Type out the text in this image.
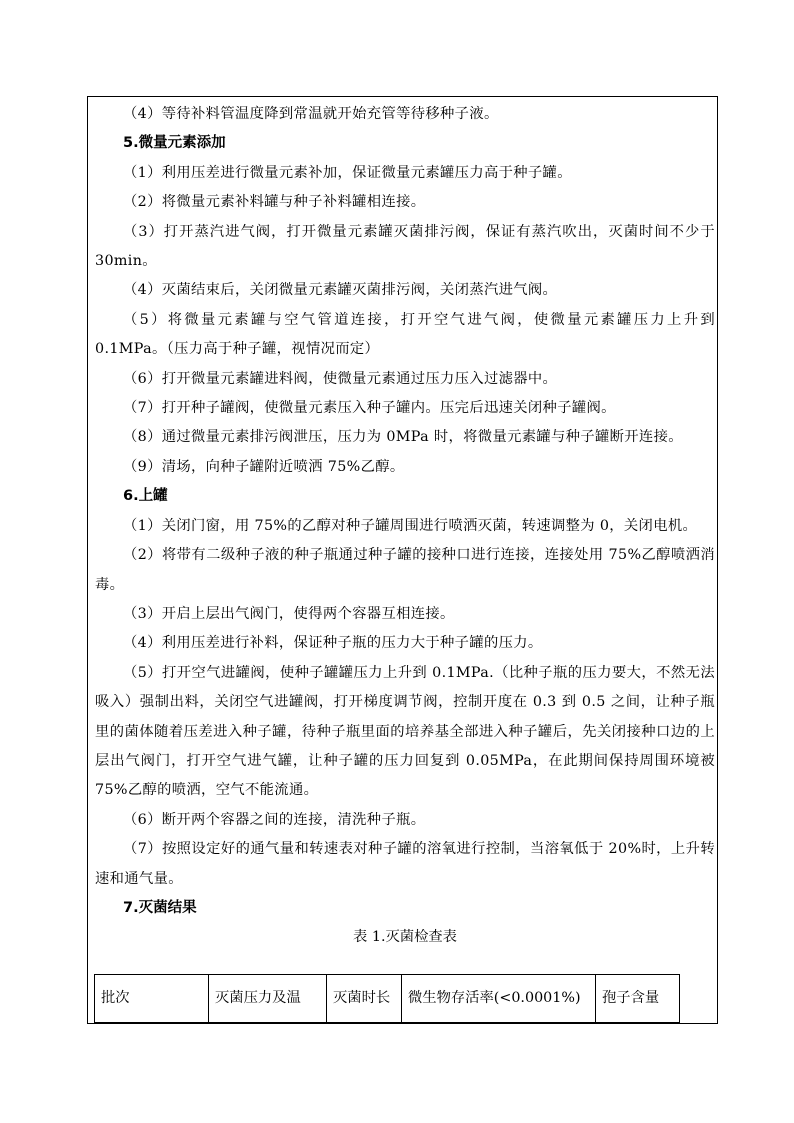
（4）等待补料管温度降到常温就开始充管等待移种子液。

5.微量元素添加

（1）利用压差进行微量元素补加，保证微量元素罐压力高于种子罐。

（2）将微量元素补料罐与种子补料罐相连接。

（3）打开蒸汽进气阀，打开微量元素罐灭菌排污阀，保证有蒸汽吹出，灭菌时间不少于 30min。

（4）灭菌结束后，关闭微量元素罐灭菌排污阀，关闭蒸汽进气阀。

（5）将微量元素罐与空气管道连接，打开空气进气阀，使微量元素罐压力上升到0.1MPa。（压力高于种子罐，视情况而定）

（6）打开微量元素罐进料阀，使微量元素通过压力压入过滤器中。

（7）打开种子罐阀，使微量元素压入种子罐内。压完后迅速关闭种子罐阀。

（8）通过微量元素排污阀泄压，压力为 0MPa 时，将微量元素罐与种子罐断开连接。

（9）清场，向种子罐附近喷洒 75%乙醇。

6.上罐

（1）关闭门窗，用 75%的乙醇对种子罐周围进行喷洒灭菌，转速调整为 0，关闭电机。

（2）将带有二级种子液的种子瓶通过种子罐的接种口进行连接，连接处用 75%乙醇喷洒消毒。

（3）开启上层出气阀门，使得两个容器互相连接。

（4）利用压差进行补料，保证种子瓶的压力大于种子罐的压力。

（5）打开空气进罐阀，使种子罐罐压力上升到 0.1MPa.（比种子瓶的压力要大，不然无法吸入）强制出料，关闭空气进罐阀，打开梯度调节阀，控制开度在 0.3 到 0.5 之间，让种子瓶里的菌体随着压差进入种子罐，待种子瓶里面的培养基全部进入种子罐后，先关闭接种口边的上层出气阀门，打开空气进气罐，让种子罐的压力回复到 0.05MPa，在此期间保持周围环境被 75%乙醇的喷洒，空气不能流通。

（6）断开两个容器之间的连接，清洗种子瓶。

（7）按照设定好的通气量和转速表对种子罐的溶氧进行控制，当溶氧低于 20%时，上升转速和通气量。

7.灭菌结果

表 1.灭菌检查表

批次	灭菌压力及温	灭菌时长	微生物存活率(<0.0001%)	孢子含量
